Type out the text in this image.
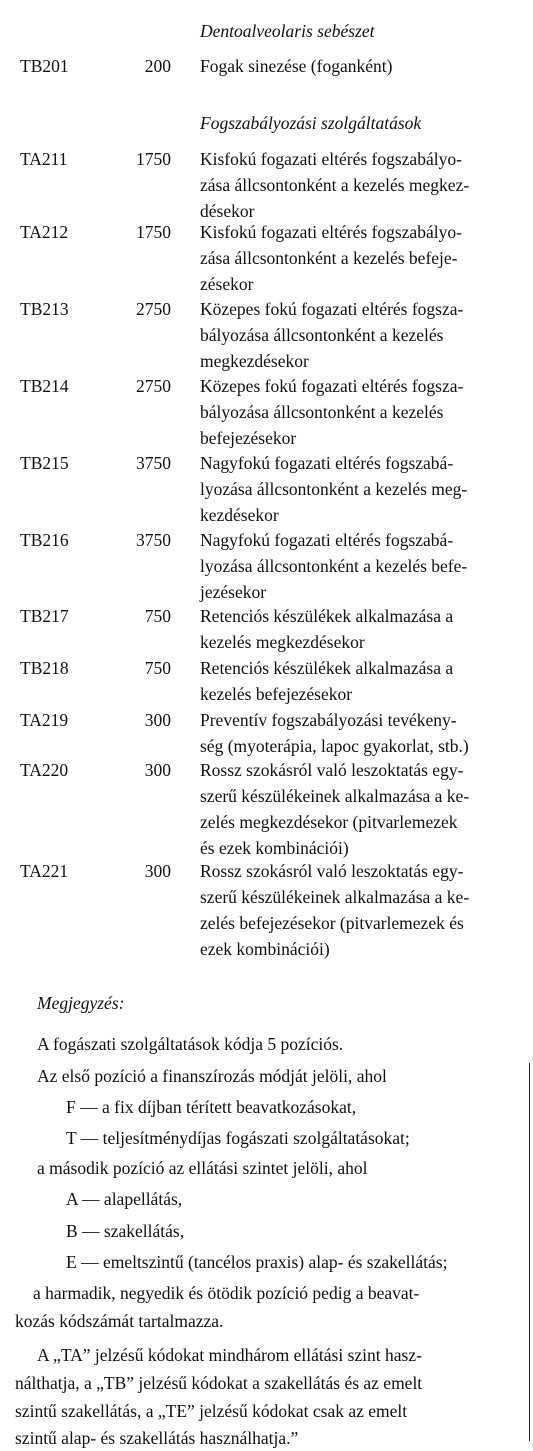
Dentoalveolaris sebészet
TB201	200 Fogak sinezése (foganként)
Fogszabályozási szolgáltatások
TA211	1750 Kisfokú fogazati eltérés fogszabályo-
zása állcsontonként a kezelés megkez-
désekor
TA212	1750 Kisfokú fogazati eltérés fogszabályo-
zása állcsontonként a kezelés befeje-
zésekor
TB213	2750 Közepes fokú fogazati eltérés fogsza-
bályozása állcsontonként a kezelés
megkezdésekor
TB214	2750 Közepes fokú fogazati eltérés fogsza-
bályozása állcsontonként a kezelés
befejezésekor
TB215	3750 Nagyfokú fogazati eltérés fogszabá-
lyozása állcsontonként a kezelés meg-
kezdésekor
TB216	3750 Nagyfokú fogazati eltérés fogszabá-
lyozása állcsontonként a kezelés befe-
jezésekor
TB217	750 Retenciós készülékek alkalmazása a
kezelés megkezdésekor
TB218	750 Retenciós készülékek alkalmazása a
kezelés befejezésekor
TA219	300 Preventív fogszabályozási tevékeny-
ség (myoterápia, lapoc gyakorlat, stb.)
TA220	300 Rossz szokásról való leszoktatás egy-
szerű készülékeinek alkalmazása a ke-
zelés megkezdésekor (pitvarlemezek
és ezek kombinációi)
TA221	300 Rossz szokásról való leszoktatás egy-
szerű készülékeinek alkalmazása a ke-
zelés befejezésekor (pitvarlemezek és
ezek kombinációi)
Megjegyzés:
A fogászati szolgáltatások kódja 5 pozíciós.
Az első pozíció a finanszírozás módját jelöli, ahol
F — a fix díjban térített beavatkozásokat,
T — teljesítménydíjas fogászati szolgáltatásokat;
a második pozíció az ellátási szintet jelöli, ahol
A — alapellátás,
B — szakellátás,
E — emeltszintű (tancélos praxis) alap- és szakellátás;
a harmadik, negyedik és ötödik pozíció pedig a beavat-
kozás kódszámát tartalmazza.
A „TA” jelzésű kódokat mindhárom ellátási szint hasz-
nálthatja, a „TB” jelzésű kódokat a szakellátás és az emelt
szintű szakellátás, a „TE” jelzésű kódokat csak az emelt
szintű alap- és szakellátás használhatja.”
